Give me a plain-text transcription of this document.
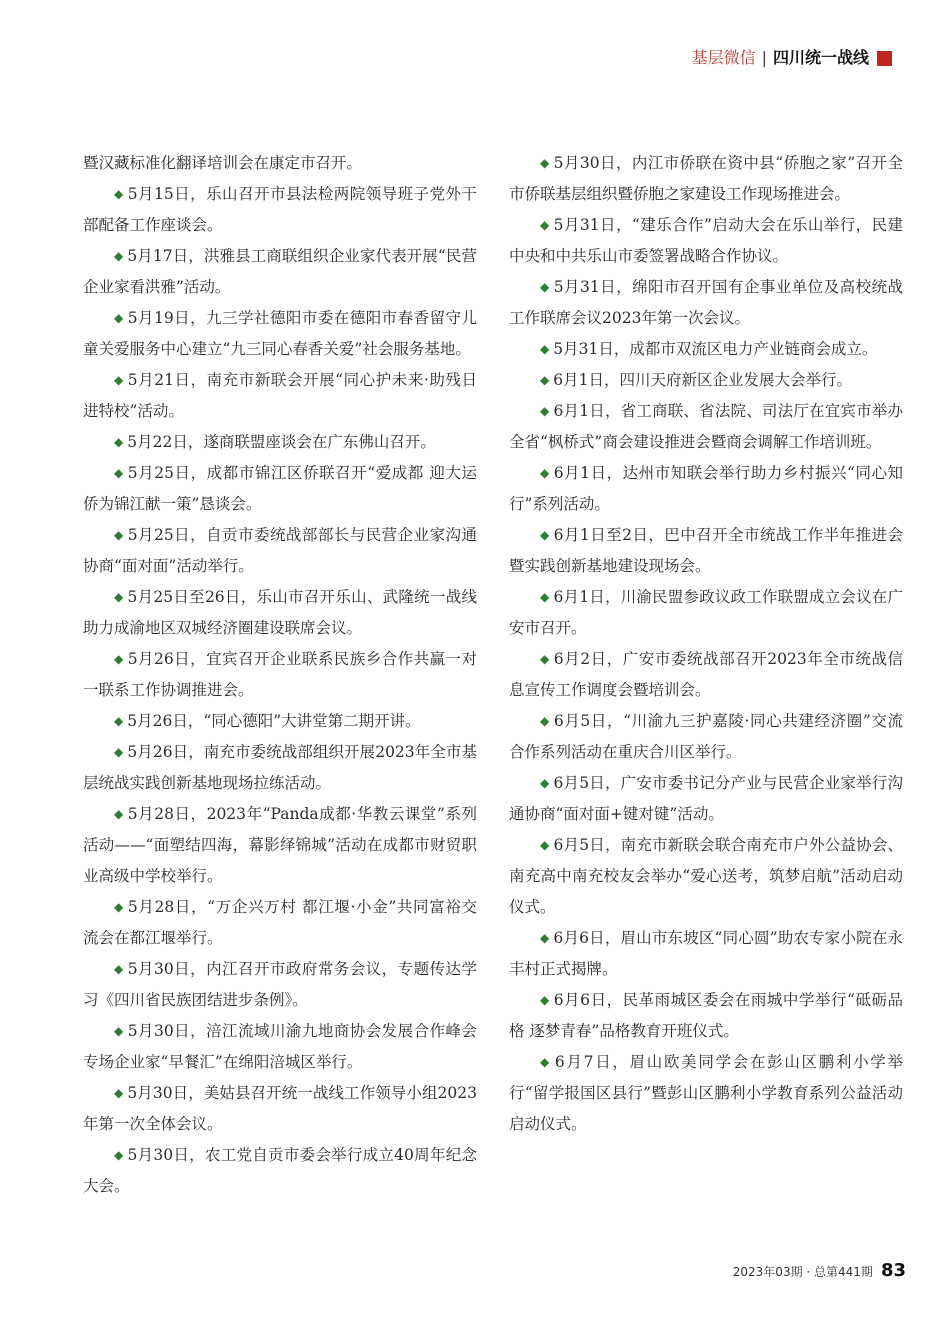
基层微信 | 四川统一战线

暨汉藏标准化翻译培训会在康定市召开。

◆ 5月15日，乐山召开市县法检两院领导班子党外干部配备工作座谈会。

◆ 5月17日，洪雅县工商联组织企业家代表开展“民营企业家看洪雅”活动。

◆ 5月19日，九三学社德阳市委在德阳市春香留守儿童关爱服务中心建立“九三同心春香关爱”社会服务基地。

◆ 5月21日，南充市新联会开展“同心护未来·助残日进特校”活动。

◆ 5月22日，遂商联盟座谈会在广东佛山召开。

◆ 5月25日，成都市锦江区侨联召开“爱成都 迎大运 侨为锦江献一策”恳谈会。

◆ 5月25日，自贡市委统战部部长与民营企业家沟通协商“面对面”活动举行。

◆ 5月25日至26日，乐山市召开乐山、武隆统一战线助力成渝地区双城经济圈建设联席会议。

◆ 5月26日，宜宾召开企业联系民族乡合作共赢一对一联系工作协调推进会。

◆ 5月26日，“同心德阳”大讲堂第二期开讲。

◆ 5月26日，南充市委统战部组织开展2023年全市基层统战实践创新基地现场拉练活动。

◆ 5月28日，2023年“Panda成都·华教云课堂”系列活动——“面塑结四海，幕影绎锦城”活动在成都市财贸职业高级中学校举行。

◆ 5月28日，“万企兴万村 都江堰·小金”共同富裕交流会在都江堰举行。

◆ 5月30日，内江召开市政府常务会议，专题传达学习《四川省民族团结进步条例》。

◆ 5月30日，涪江流域川渝九地商协会发展合作峰会专场企业家“早餐汇”在绵阳涪城区举行。

◆ 5月30日，美姑县召开统一战线工作领导小组2023年第一次全体会议。

◆ 5月30日，农工党自贡市委会举行成立40周年纪念大会。

◆ 5月30日，内江市侨联在资中县“侨胞之家”召开全市侨联基层组织暨侨胞之家建设工作现场推进会。

◆ 5月31日，“建乐合作”启动大会在乐山举行，民建中央和中共乐山市委签署战略合作协议。

◆ 5月31日，绵阳市召开国有企事业单位及高校统战工作联席会议2023年第一次会议。

◆ 5月31日，成都市双流区电力产业链商会成立。

◆ 6月1日，四川天府新区企业发展大会举行。

◆ 6月1日，省工商联、省法院、司法厅在宜宾市举办全省“枫桥式”商会建设推进会暨商会调解工作培训班。

◆ 6月1日，达州市知联会举行助力乡村振兴“同心知行”系列活动。

◆ 6月1日至2日，巴中召开全市统战工作半年推进会暨实践创新基地建设现场会。

◆ 6月1日，川渝民盟参政议政工作联盟成立会议在广安市召开。

◆ 6月2日，广安市委统战部召开2023年全市统战信息宣传工作调度会暨培训会。

◆ 6月5日，“川渝九三护嘉陵·同心共建经济圈”交流合作系列活动在重庆合川区举行。

◆ 6月5日，广安市委书记分产业与民营企业家举行沟通协商“面对面+键对键”活动。

◆ 6月5日，南充市新联会联合南充市户外公益协会、南充高中南充校友会举办“爱心送考，筑梦启航”活动启动仪式。

◆ 6月6日，眉山市东坡区“同心圆”助农专家小院在永丰村正式揭牌。

◆ 6月6日，民革雨城区委会在雨城中学举行“砥砺品格 逐梦青春”品格教育开班仪式。

◆ 6月7日，眉山欧美同学会在彭山区鹏利小学举行“留学报国区县行”暨彭山区鹏利小学教育系列公益活动启动仪式。

2023年03期 · 总第441期 83
